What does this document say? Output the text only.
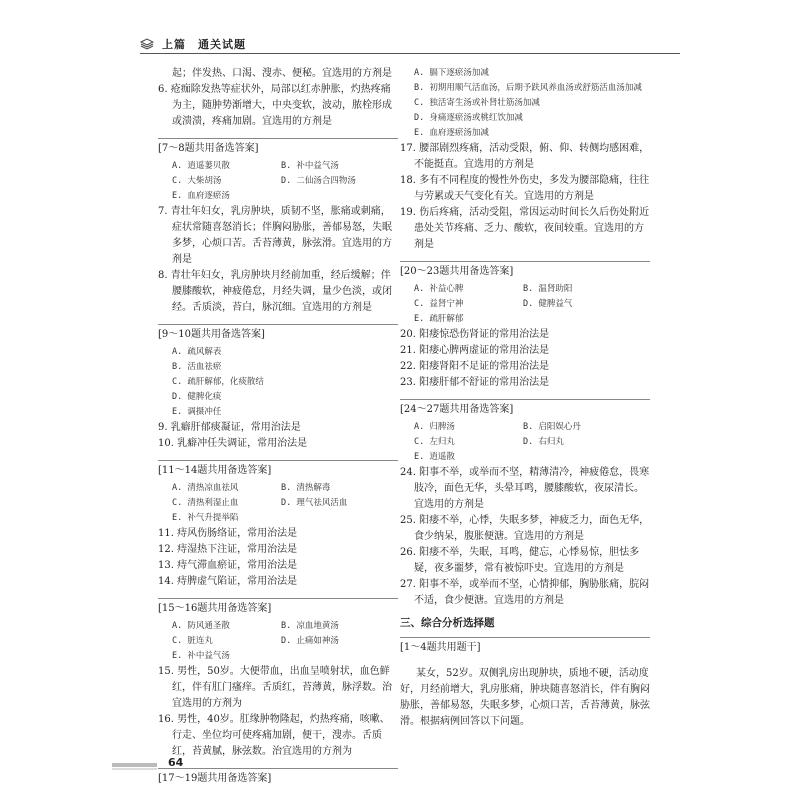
上篇　通关试题

起；伴发热、口渴、溲赤、便秘。宜选用的方剂是

6. 疮痂除发热等症状外，局部以红赤肿胀，灼热疼痛为主，随肿势渐增大，中央变软，波动，脓栓形成或溃溃，疼痛加剧。宜选用的方剂是

[7～8题共用备选答案]
A. 逍遥蒌贝散	B. 补中益气汤
C. 大柴胡汤	D. 二仙汤合四物汤
E. 血府逐瘀汤

7. 青壮年妇女，乳房肿块，质韧不坚，胀痛或刺痛，症状常随喜怒消长；伴胸闷胁胀，善郁易怒，失眠多梦，心烦口苦。舌苔薄黄，脉弦滑。宜选用的方剂是

8. 青壮年妇女，乳房肿块月经前加重，经后缓解；伴腰膝酸软，神疲倦怠，月经失调，量少色淡，或闭经。舌质淡，苔白，脉沉细。宜选用的方剂是

[9～10题共用备选答案]
A. 疏风解表
B. 活血祛瘀
C. 疏肝解郁，化痰散结
D. 健脾化痰
E. 调摄冲任

9. 乳癖肝郁痰凝证，常用治法是

10. 乳癖冲任失调证，常用治法是

[11～14题共用备选答案]
A. 清热凉血祛风	B. 清热解毒
C. 清热利湿止血	D. 理气祛风活血
E. 补气升提举陷

11. 痔风伤肠络证，常用治法是

12. 痔湿热下注证，常用治法是

13. 痔气滞血瘀证，常用治法是

14. 痔脾虚气陷证，常用治法是

[15～16题共用备选答案]
A. 防风通圣散	B. 凉血地黄汤
C. 脏连丸	D. 止痛如神汤
E. 补中益气汤

15. 男性，50岁。大便带血，出血呈喷射状，血色鲜红，伴有肛门瘙痒。舌质红，苔薄黄，脉浮数。治宜选用的方剂为

16. 男性，40岁。肛缘肿物隆起，灼热疼痛，咳嗽、行走、坐位均可使疼痛加剧，便干，溲赤。舌质红，苔黄腻，脉弦数。治宜选用的方剂为

[17～19题共用备选答案]
A. 膈下逐瘀汤加减
B. 初期用顺气活血汤，后期予趺风养血汤或舒筋活血汤加减
C. 独活寄生汤或补肾壮筋汤加减
D. 身痛逐瘀汤或桃红饮加减
E. 血府逐瘀汤加减

17. 腰部剧烈疼痛，活动受限，俯、仰、转侧均感困难，不能挺直。宜选用的方剂是

18. 多有不同程度的慢性外伤史，多发为腰部隐痛，往往与劳累或天气变化有关。宜选用的方剂是

19. 伤后疼痛，活动受阻，常因运动时间长久后伤处附近患处关节疼痛、乏力、酸软，夜间较重。宜选用的方剂是

[20～23题共用备选答案]
A. 补益心脾	B. 温肾助阳
C. 益肾宁神	D. 健脾益气
E. 疏肝解郁

20. 阳痿惊恐伤肾证的常用治法是

21. 阳痿心脾两虚证的常用治法是

22. 阳痿肾阳不足证的常用治法是

23. 阳痿肝郁不舒证的常用治法是

[24～27题共用备选答案]
A. 归脾汤	B. 启阳娱心丹
C. 左归丸	D. 右归丸
E. 逍遥散

24. 阳事不举，或举而不坚，精薄清冷，神疲倦怠，畏寒肢冷，面色无华，头晕耳鸣，腰膝酸软，夜尿清长。宜选用的方剂是

25. 阳痿不举，心悸，失眠多梦，神疲乏力，面色无华，食少纳呆，腹胀便溏。宜选用的方剂是

26. 阳痿不举，失眠，耳鸣，健忘，心悸易惊，胆怯多疑，夜多噩梦，常有被惊吓史。宜选用的方剂是

27. 阳事不举，或举而不坚，心情抑郁，胸胁胀痛，脘闷不适，食少便溏。宜选用的方剂是

三、综合分析选择题
[1～4题共用题干]

某女，52岁。双侧乳房出现肿块，质地不硬，活动度好，月经前增大，乳房胀痛，肿块随喜怒消长，伴有胸闷胁胀，善郁易怒，失眠多梦，心烦口苦，舌苔薄黄，脉弦滑。根据病例回答以下问题。

64
